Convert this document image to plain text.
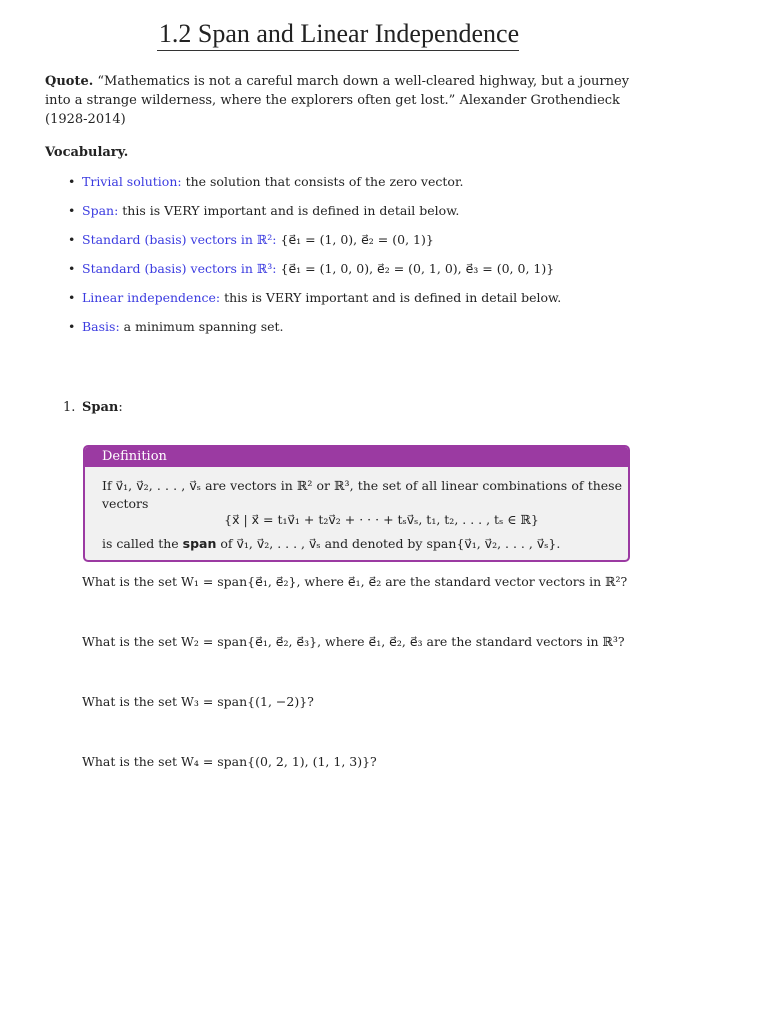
1.2 Span and Linear Independence
Quote. “Mathematics is not a careful march down a well-cleared highway, but a journey into a strange wilderness, where the explorers often get lost.” Alexander Grothendieck (1928-2014)
Vocabulary.
• Trivial solution: the solution that consists of the zero vector.
• Span: this is VERY important and is defined in detail below.
• Standard (basis) vectors in ℝ²: {e⃗₁ = (1, 0), e⃗₂ = (0, 1)}
• Standard (basis) vectors in ℝ³: {e⃗₁ = (1, 0, 0), e⃗₂ = (0, 1, 0), e⃗₃ = (0, 0, 1)}
• Linear independence: this is VERY important and is defined in detail below.
• Basis: a minimum spanning set.
1. Span:
Definition
If v⃗₁, v⃗₂, . . . , v⃗ₛ are vectors in ℝ² or ℝ³, the set of all linear combinations of these vectors
{x⃗ | x⃗ = t₁v⃗₁ + t₂v⃗₂ + · · · + tₛv⃗ₛ, t₁, t₂, . . . , tₛ ∈ ℝ}
is called the span of v⃗₁, v⃗₂, . . . , v⃗ₛ and denoted by span{v⃗₁, v⃗₂, . . . , v⃗ₛ}.
What is the set W₁ = span{e⃗₁, e⃗₂}, where e⃗₁, e⃗₂ are the standard vector vectors in ℝ²?
What is the set W₂ = span{e⃗₁, e⃗₂, e⃗₃}, where e⃗₁, e⃗₂, e⃗₃ are the standard vectors in ℝ³?
What is the set W₃ = span{(1, −2)}?
What is the set W₄ = span{(0, 2, 1), (1, 1, 3)}?
